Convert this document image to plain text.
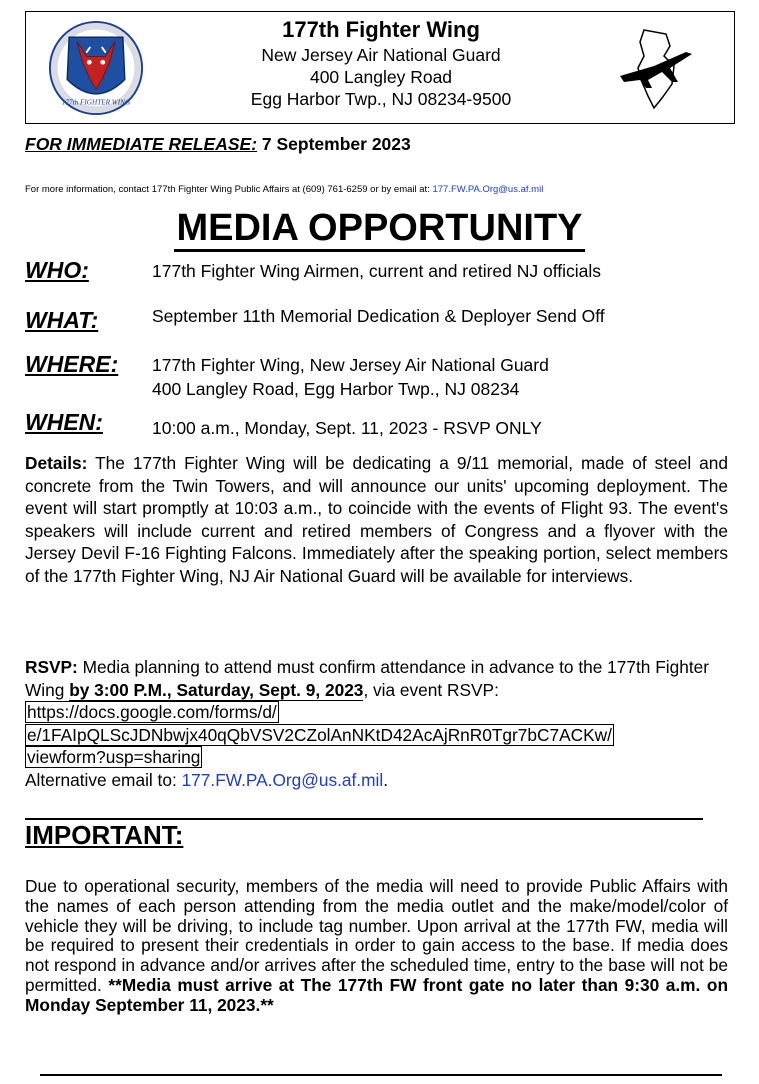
177th FIGHTER WING
177th Fighter Wing
New Jersey Air National Guard
400 Langley Road
Egg Harbor Twp., NJ 08234-9500
FOR IMMEDIATE RELEASE: 7 September 2023
For more information, contact 177th Fighter Wing Public Affairs at (609) 761-6259 or by email at: 177.FW.PA.Org@us.af.mil
MEDIA OPPORTUNITY
WHO:	177th Fighter Wing Airmen, current and retired NJ officials
WHAT:	September 11th Memorial Dedication & Deployer Send Off
WHERE: 177th Fighter Wing, New Jersey Air National Guard
400 Langley Road, Egg Harbor Twp., NJ 08234
WHEN:	10:00 a.m., Monday, Sept. 11, 2023 - RSVP ONLY
Details: The 177th Fighter Wing will be dedicating a 9/11 memorial, made of steel and concrete from the Twin Towers, and will announce our units' upcoming deployment. The event will start promptly at 10:03 a.m., to coincide with the events of Flight 93. The event's speakers will include current and retired members of Congress and a flyover with the Jersey Devil F-16 Fighting Falcons. Immediately after the speaking portion, select members of the 177th Fighter Wing, NJ Air National Guard will be available for interviews.
RSVP: Media planning to attend must confirm attendance in advance to the 177th Fighter Wing by 3:00 P.M., Saturday, Sept. 9, 2023, via event RSVP: https://docs.google.com/forms/d/
e/1FAIpQLScJDNbwjx40qQbVSV2CZolAnNKtD42AcAjRnR0Tgr7bC7ACKw/
viewform?usp=sharing
Alternative email to: 177.FW.PA.Org@us.af.mil.
IMPORTANT:
Due to operational security, members of the media will need to provide Public Affairs with the names of each person attending from the media outlet and the make/model/color of vehicle they will be driving, to include tag number. Upon arrival at the 177th FW, media will be required to present their credentials in order to gain access to the base. If media does not respond in advance and/or arrives after the scheduled time, entry to the base will not be permitted. **Media must arrive at The 177th FW front gate no later than 9:30 a.m. on Monday September 11, 2023.**
